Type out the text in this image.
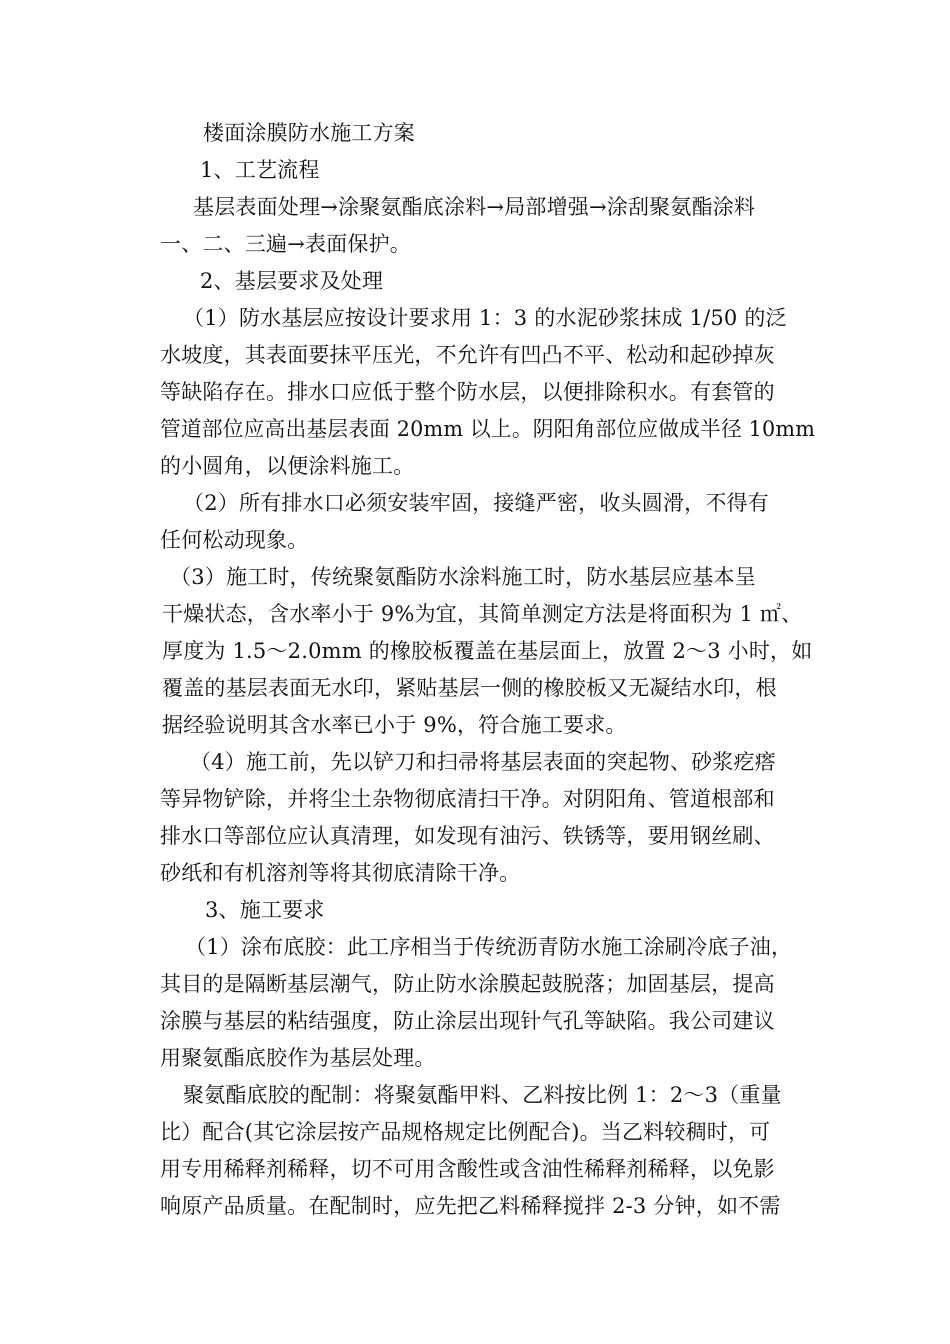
楼面涂膜防水施工方案
1、工艺流程
基层表面处理→涂聚氨酯底涂料→局部增强→涂刮聚氨酯涂料
一、二、三遍→表面保护。
2、基层要求及处理
（1）防水基层应按设计要求用 1：3 的水泥砂浆抹成 1/50 的泛
水坡度，其表面要抹平压光，不允许有凹凸不平、松动和起砂掉灰
等缺陷存在。排水口应低于整个防水层，以便排除积水。有套管的
管道部位应高出基层表面 20mm 以上。阴阳角部位应做成半径 10mm
的小圆角，以便涂料施工。
（2）所有排水口必须安装牢固，接缝严密，收头圆滑，不得有
任何松动现象。
（3）施工时，传统聚氨酯防水涂料施工时，防水基层应基本呈
干燥状态，含水率小于 9%为宜，其简单测定方法是将面积为 1 ㎡、
厚度为 1.5～2.0mm 的橡胶板覆盖在基层面上，放置 2～3 小时，如
覆盖的基层表面无水印，紧贴基层一侧的橡胶板又无凝结水印，根
据经验说明其含水率已小于 9%，符合施工要求。
（4）施工前，先以铲刀和扫帚将基层表面的突起物、砂浆疙瘩
等异物铲除，并将尘土杂物彻底清扫干净。对阴阳角、管道根部和
排水口等部位应认真清理，如发现有油污、铁锈等，要用钢丝刷、
砂纸和有机溶剂等将其彻底清除干净。
3、施工要求
（1）涂布底胶：此工序相当于传统沥青防水施工涂刷冷底子油，
其目的是隔断基层潮气，防止防水涂膜起鼓脱落；加固基层，提高
涂膜与基层的粘结强度，防止涂层出现针气孔等缺陷。我公司建议
用聚氨酯底胶作为基层处理。
聚氨酯底胶的配制：将聚氨酯甲料、乙料按比例 1：2～3（重量
比）配合(其它涂层按产品规格规定比例配合)。当乙料较稠时，可
用专用稀释剂稀释，切不可用含酸性或含油性稀释剂稀释，以免影
响原产品质量。在配制时，应先把乙料稀释搅拌 2-3 分钟，如不需
